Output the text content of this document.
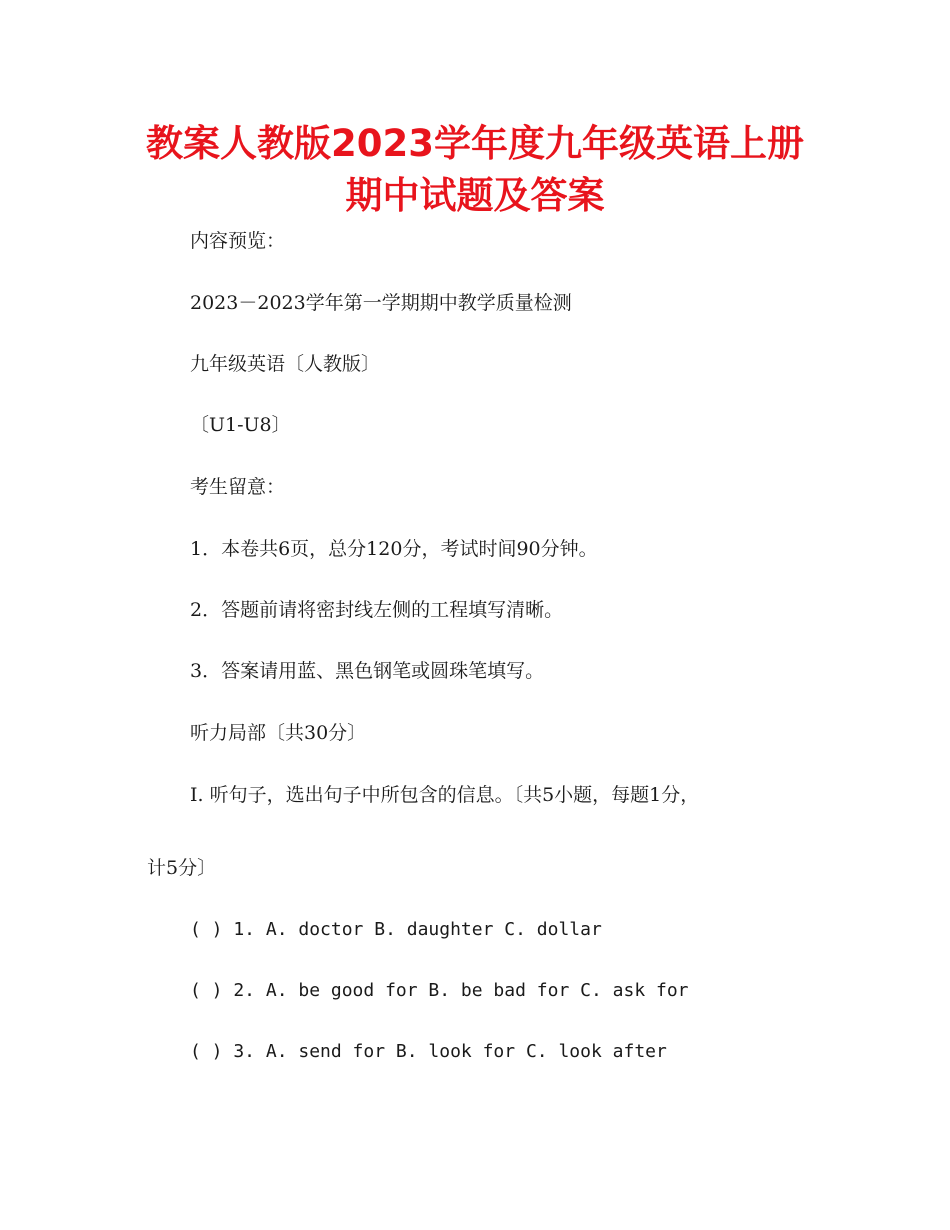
教案人教版2023学年度九年级英语上册
期中试题及答案
内容预览：
2023－2023学年第一学期期中教学质量检测
九年级英语〔人教版〕
〔U1-U8〕
考生留意：
1．本卷共6页，总分120分，考试时间90分钟。
2．答题前请将密封线左侧的工程填写清晰。
3．答案请用蓝、黑色钢笔或圆珠笔填写。
听力局部〔共30分〕
I. 听句子，选出句子中所包含的信息。〔共5小题，每题1分，
计5分〕
( ) 1. A. doctor B. daughter C. dollar
( ) 2. A. be good for B. be bad for C. ask for
( ) 3. A. send for B. look for C. look after
